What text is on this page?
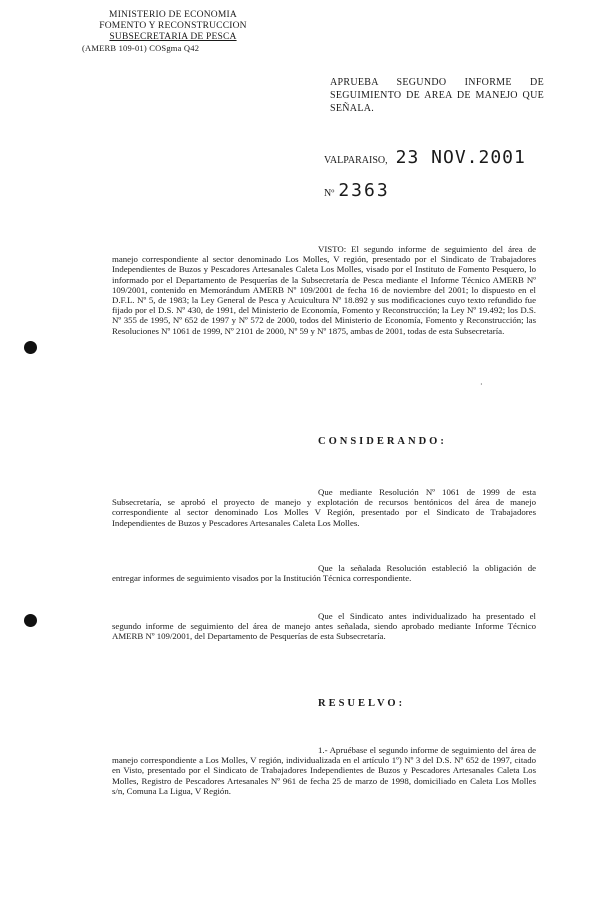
MINISTERIO DE ECONOMIA
FOMENTO Y RECONSTRUCCION
SUBSECRETARIA DE PESCA
(AMERB 109-01) COSgma Q42
APRUEBA SEGUNDO INFORME DE SEGUIMIENTO DE AREA DE MANEJO QUE SEÑALA.
VALPARAISO, 23 NOV.2001
Nº 2363
VISTO: El segundo informe de seguimiento del área de manejo correspondiente al sector denominado Los Molles, V región, presentado por el Sindicato de Trabajadores Independientes de Buzos y Pescadores Artesanales Caleta Los Molles, visado por el Instituto de Fomento Pesquero, lo informado por el Departamento de Pesquerías de la Subsecretaría de Pesca mediante el Informe Técnico AMERB Nº 109/2001, contenido en Memorándum AMERB Nº 109/2001 de fecha 16 de noviembre del 2001; lo dispuesto en el D.F.L. Nº 5, de 1983; la Ley General de Pesca y Acuicultura Nº 18.892 y sus modificaciones cuyo texto refundido fue fijado por el D.S. Nº 430, de 1991, del Ministerio de Economía, Fomento y Reconstrucción; la Ley Nº 19.492; los D.S. Nº 355 de 1995, Nº 652 de 1997 y Nº 572 de 2000, todos del Ministerio de Economía, Fomento y Reconstrucción; las Resoluciones Nº 1061 de 1999, Nº 2101 de 2000, Nº 59 y Nº 1875, ambas de 2001, todas de esta Subsecretaría.
·
CONSIDERANDO:
Que mediante Resolución Nº 1061 de 1999 de esta Subsecretaría, se aprobó el proyecto de manejo y explotación de recursos bentónicos del área de manejo correspondiente al sector denominado Los Molles V Región, presentado por el Sindicato de Trabajadores Independientes de Buzos y Pescadores Artesanales Caleta Los Molles.
Que la señalada Resolución estableció la obligación de entregar informes de seguimiento visados por la Institución Técnica correspondiente.
Que el Sindicato antes individualizado ha presentado el segundo informe de seguimiento del área de manejo antes señalada, siendo aprobado mediante Informe Técnico AMERB Nº 109/2001, del Departamento de Pesquerías de esta Subsecretaría.
RESUELVO:
1.- Apruébase el segundo informe de seguimiento del área de manejo correspondiente a Los Molles, V región, individualizada en el artículo 1º) Nº 3 del D.S. Nº 652 de 1997, citado en Visto, presentado por el Sindicato de Trabajadores Independientes de Buzos y Pescadores Artesanales Caleta Los Molles, Registro de Pescadores Artesanales Nº 961 de fecha 25 de marzo de 1998, domiciliado en Caleta Los Molles s/n, Comuna La Ligua, V Región.
